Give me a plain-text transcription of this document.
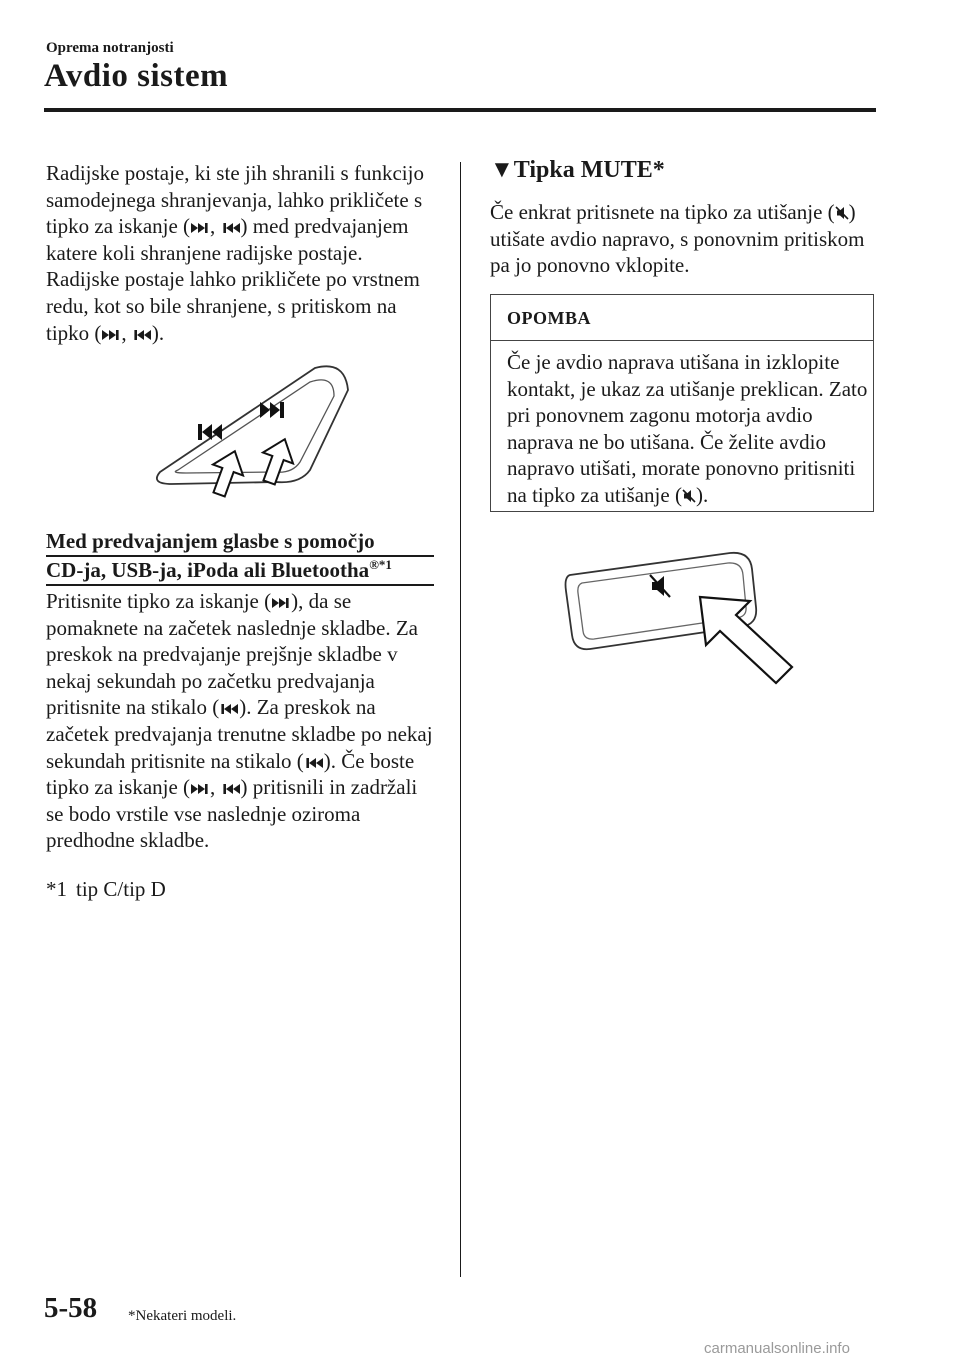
Oprema notranjosti
Avdio sistem

Radijske postaje, ki ste jih shranili s funkcijo samodejnega shranjevanja, lahko prikličete s tipko za iskanje ( , ) med predvajanjem katere koli shranjene radijske postaje. Radijske postaje lahko prikličete po vrstnem redu, kot so bile shranjene, s pritiskom na tipko ( , ).

Med predvajanjem glasbe s pomočjo
CD-ja, USB-ja, iPoda ali Bluetootha$^{®*1}$

Pritisnite tipko za iskanje ( ), da se pomaknete na začetek naslednje skladbe. Za preskok na predvajanje prejšnje skladbe v nekaj sekundah po začetku predvajanja pritisnite na stikalo ( ). Za preskok na začetek predvajanja trenutne skladbe po nekaj sekundah pritisnite na stikalo ( ). Če boste tipko za iskanje ( , ) pritisnili in zadržali se bodo vrstile vse naslednje oziroma predhodne skladbe.

*1 tip C/tip D
▼Tipka MUTE*

Če enkrat pritisnete na tipko za utišanje ( ) utišate avdio napravo, s ponovnim pritiskom pa jo ponovno vklopite.

OPOMBA

Če je avdio naprava utišana in izklopite kontakt, je ukaz za utišanje preklican. Zato pri ponovnem zagonu motorja avdio naprava ne bo utišana. Če želite avdio napravo utišati, morate ponovno pritisniti na tipko za utišanje ( ).

5-58 *Nekateri modeli.
carmanualsonline.info
